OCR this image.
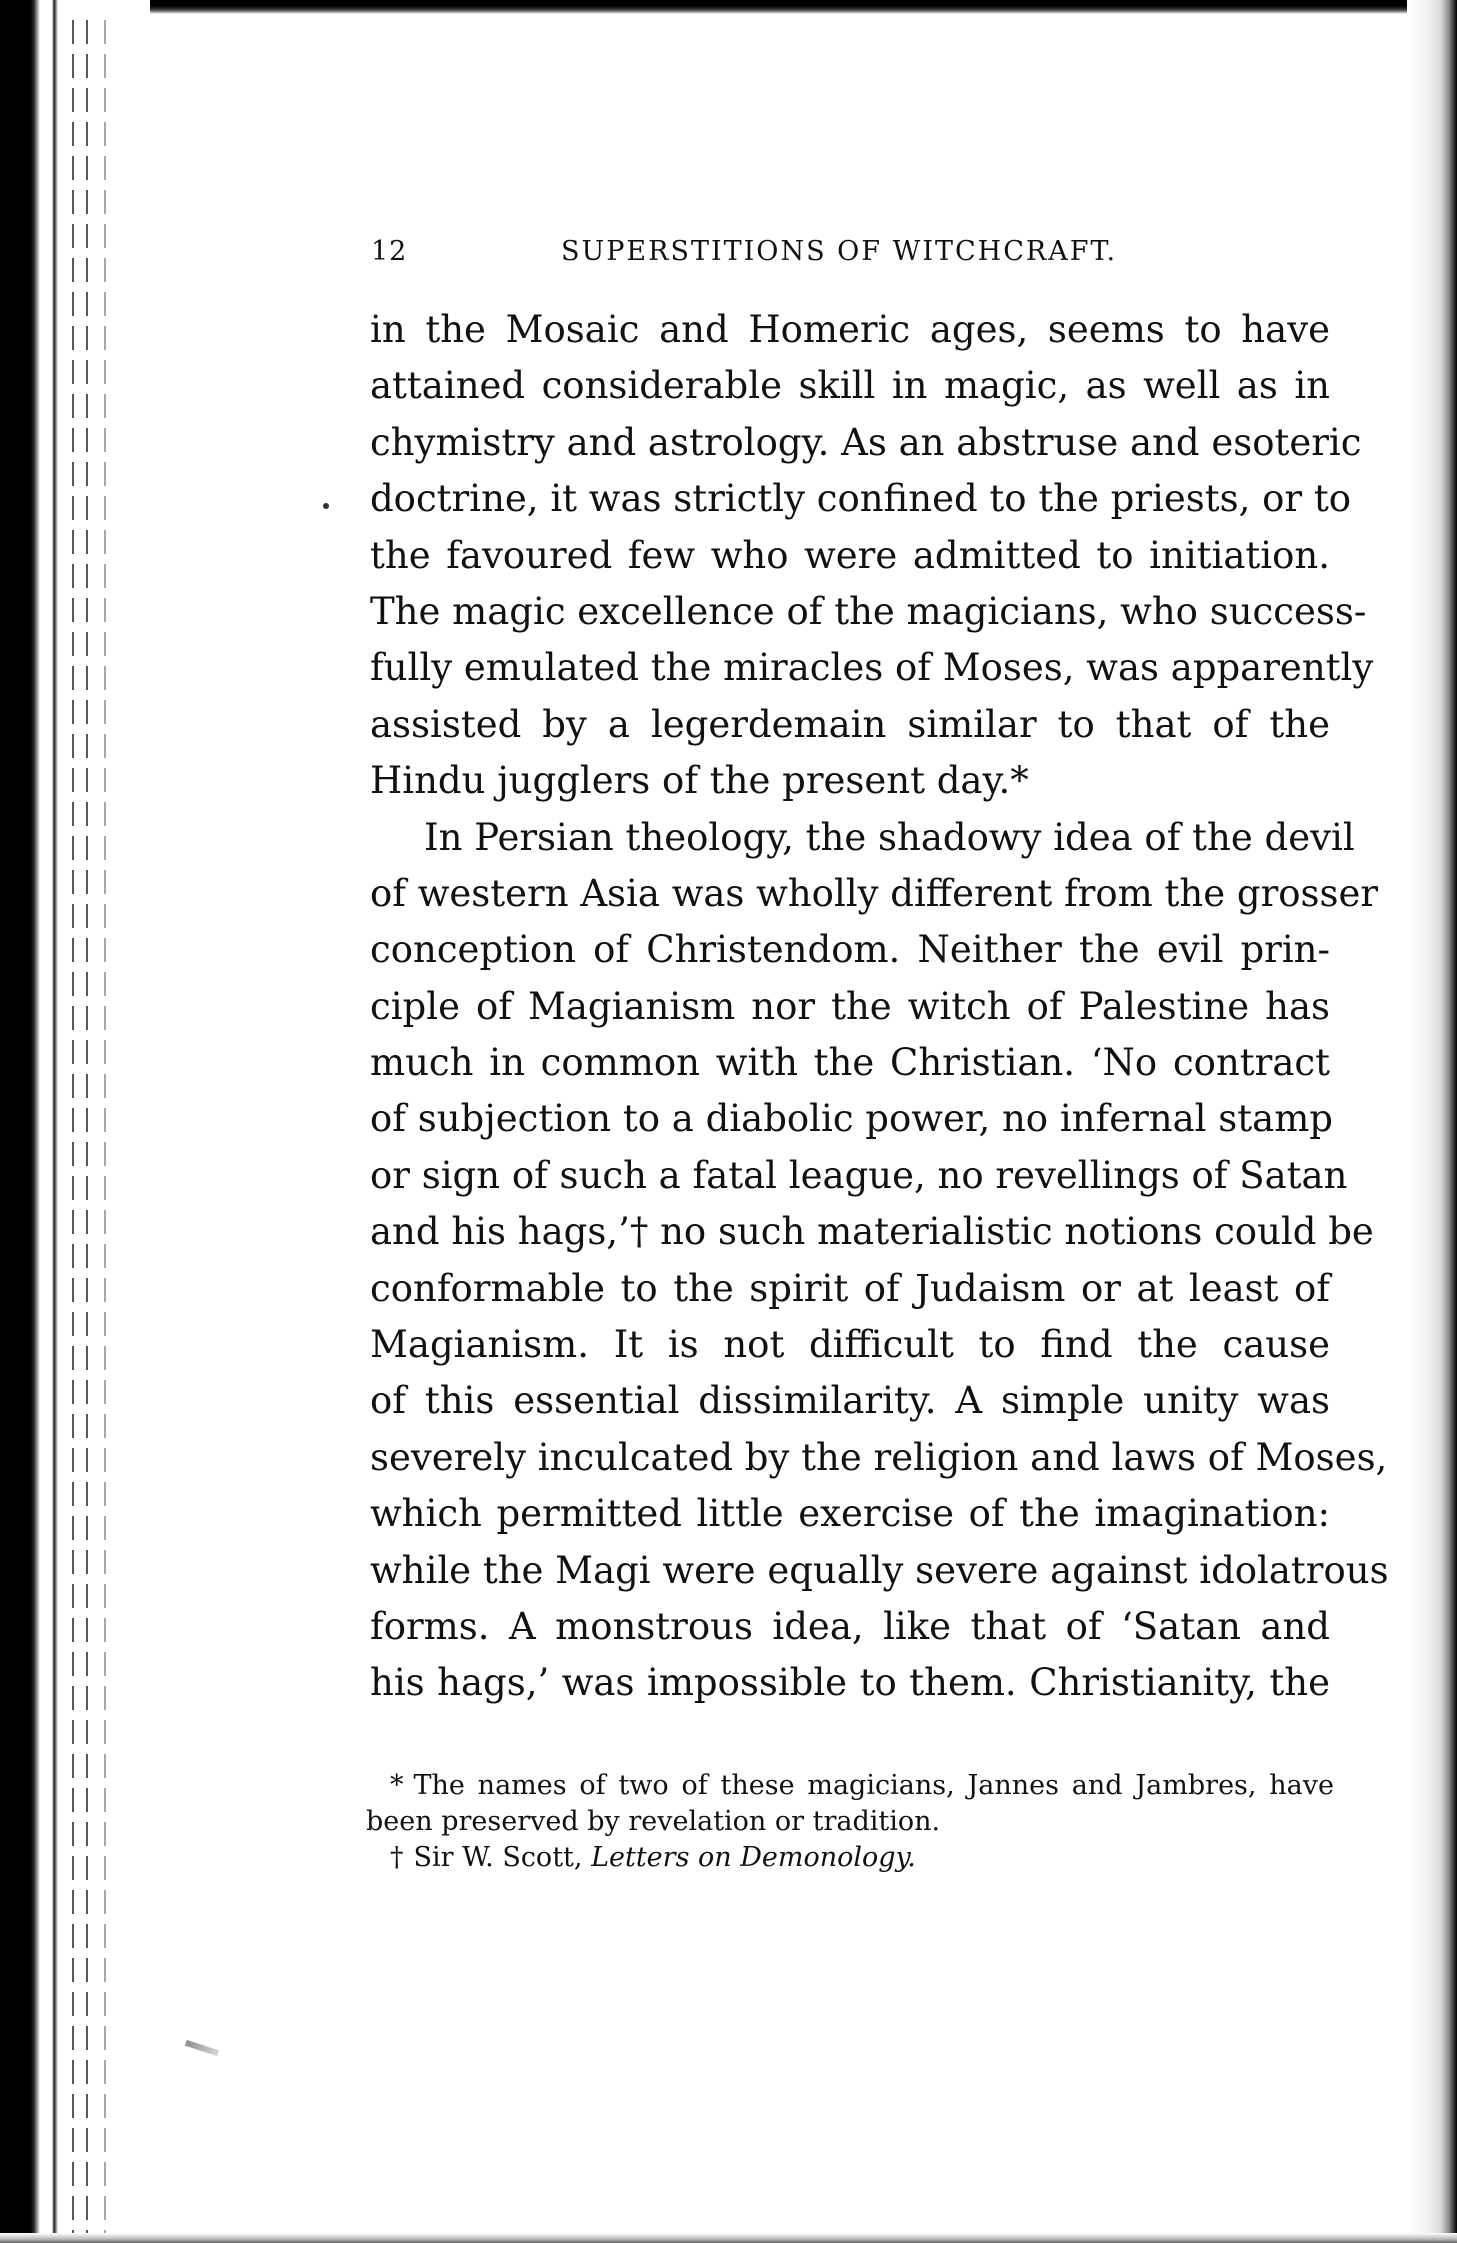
12	SUPERSTITIONS OF WITCHCRAFT.
in the Mosaic and Homeric ages, seems to have
attained considerable skill in magic, as well as in
chymistry and astrology. As an abstruse and esoteric
doctrine, it was strictly confined to the priests, or to
the favoured few who were admitted to initiation.
The magic excellence of the magicians, who success-
fully emulated the miracles of Moses, was apparently
assisted by a legerdemain similar to that of the
Hindu jugglers of the present day.*
In Persian theology, the shadowy idea of the devil
of western Asia was wholly different from the grosser
conception of Christendom. Neither the evil prin-
ciple of Magianism nor the witch of Palestine has
much in common with the Christian. ‘No contract
of subjection to a diabolic power, no infernal stamp
or sign of such a fatal league, no revellings of Satan
and his hags,’† no such materialistic notions could be
conformable to the spirit of Judaism or at least of
Magianism. It is not difficult to find the cause
of this essential dissimilarity. A simple unity was
severely inculcated by the religion and laws of Moses,
which permitted little exercise of the imagination:
while the Magi were equally severe against idolatrous
forms. A monstrous idea, like that of ‘Satan and
his hags,’ was impossible to them. Christianity, the
* The names of two of these magicians, Jannes and Jambres, have
been preserved by revelation or tradition.
† Sir W. Scott, Letters on Demonology.
